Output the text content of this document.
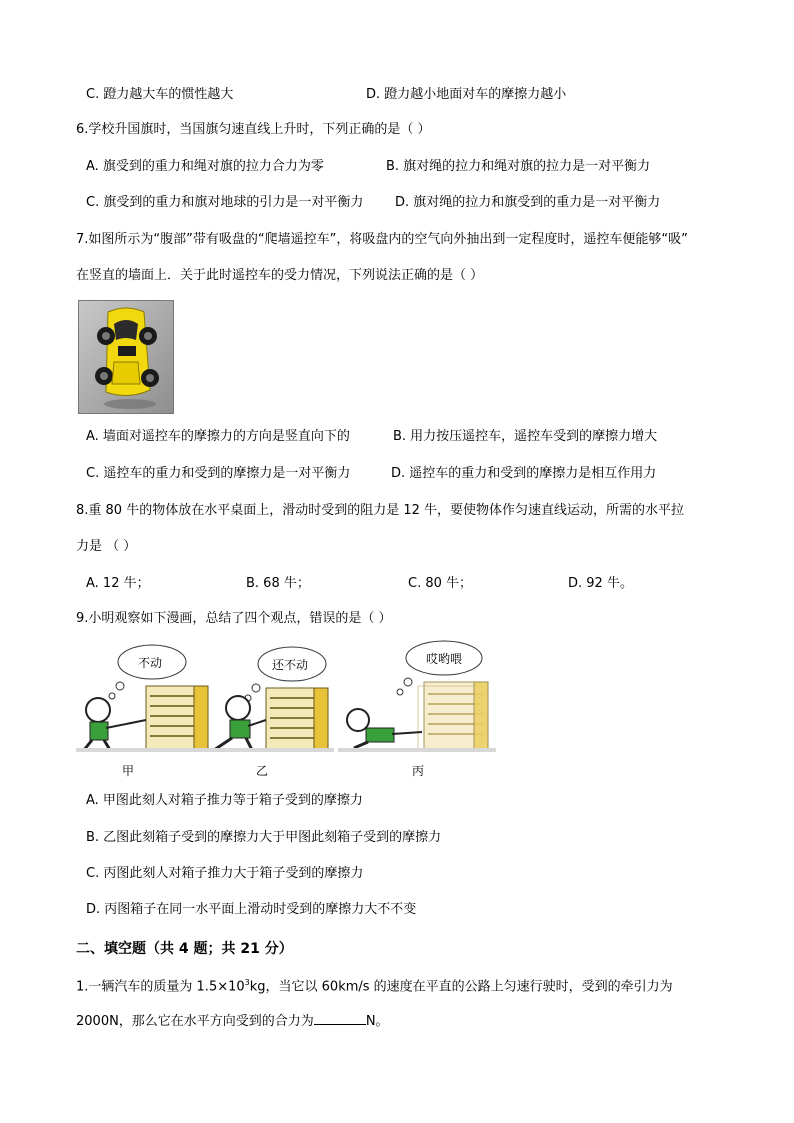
C. 蹬力越大车的惯性越大	D. 蹬力越小地面对车的摩擦力越小
6.学校升国旗时，当国旗匀速直线上升时，下列正确的是（ ）
A. 旗受到的重力和绳对旗的拉力合力为零	B. 旗对绳的拉力和绳对旗的拉力是一对平衡力
C. 旗受到的重力和旗对地球的引力是一对平衡力 D. 旗对绳的拉力和旗受到的重力是一对平衡力
7.如图所示为“腹部”带有吸盘的“爬墙遥控车”，将吸盘内的空气向外抽出到一定程度时，遥控车便能够“吸”
在竖直的墙面上．关于此时遥控车的受力情况，下列说法正确的是（ ）
A. 墙面对遥控车的摩擦力的方向是竖直向下的	B. 用力按压遥控车，遥控车受到的摩擦力增大
C. 遥控车的重力和受到的摩擦力是一对平衡力	D. 遥控车的重力和受到的摩擦力是相互作用力
8.重 80 牛的物体放在水平桌面上，滑动时受到的阻力是 12 牛，要使物体作匀速直线运动，所需的水平拉
力是 （ ）
A. 12 牛；	B. 68 牛；	C. 80 牛；	D. 92 牛。
9.小明观察如下漫画，总结了四个观点，错误的是（ ）
不动	还不动	哎哟喂
甲	乙	丙
A. 甲图此刻人对箱子推力等于箱子受到的摩擦力
B. 乙图此刻箱子受到的摩擦力大于甲图此刻箱子受到的摩擦力
C. 丙图此刻人对箱子推力大于箱子受到的摩擦力
D. 丙图箱子在同一水平面上滑动时受到的摩擦力大不不变
二、填空题（共 4 题；共 21 分）
1.一辆汽车的质量为 $1.5\times 10^3kg$，当它以 60km/s 的速度在平直的公路上匀速行驶时，受到的牵引力为
2000N，那么它在水平方向受到的合力为	N。
